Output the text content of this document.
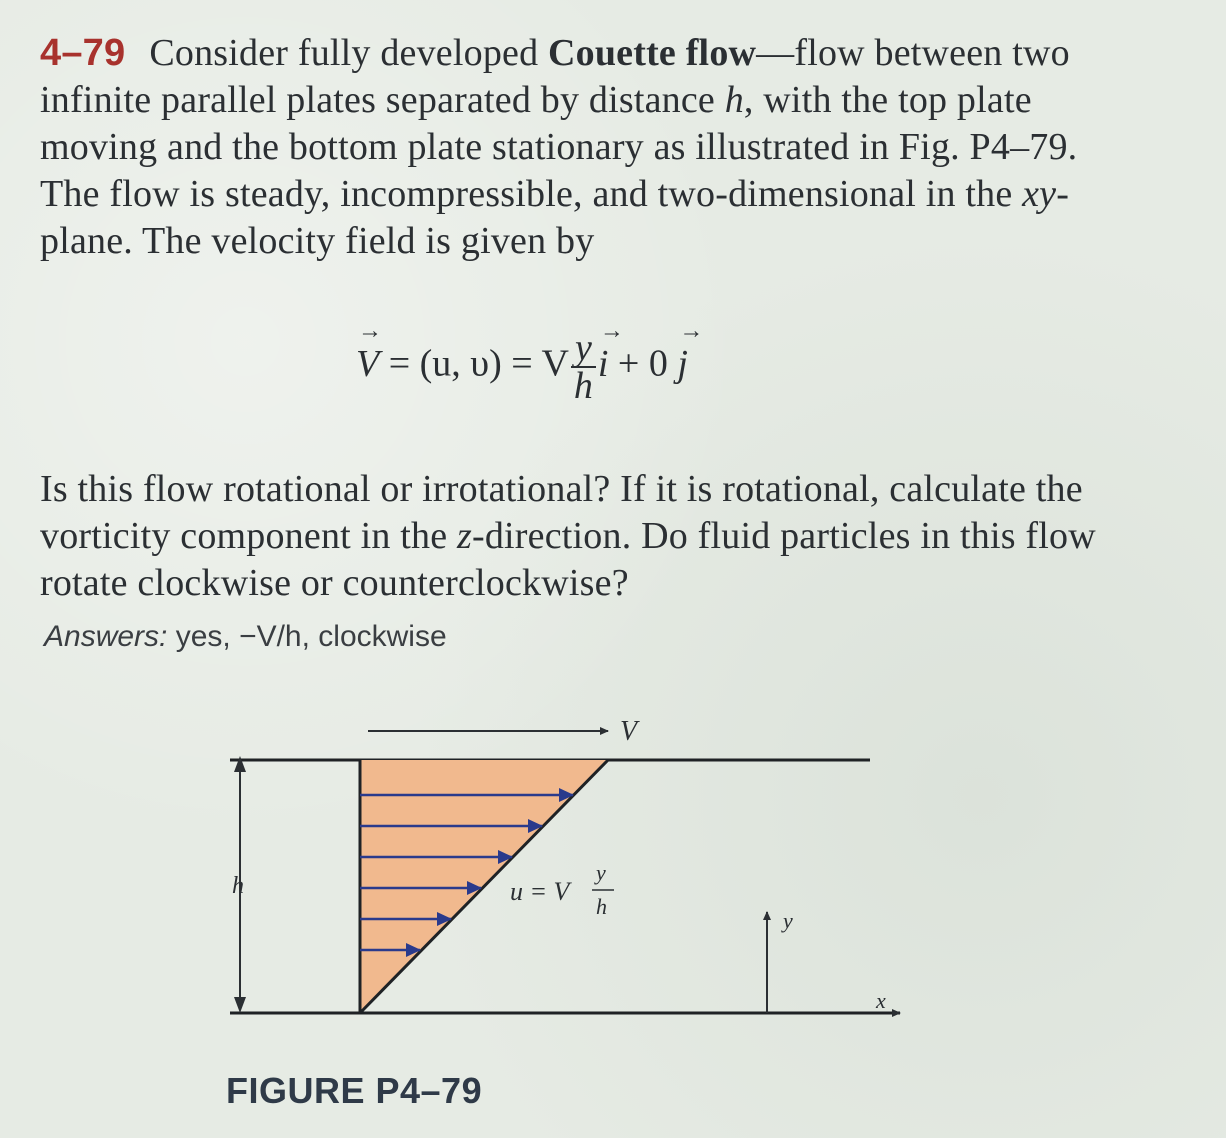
4–79 Consider fully developed Couette flow—flow between two infinite parallel plates separated by distance h, with the top plate moving and the bottom plate stationary as illustrated in Fig. P4–79. The flow is steady, incompressible, and two-dimensional in the xy-plane. The velocity field is given by
→ V = (u, υ) = V $\frac{y}{h}$
→ i + 0 → j
Is this flow rotational or irrotational? If it is rotational, calculate the vorticity component in the z-direction. Do fluid particles in this flow rotate clockwise or counterclockwise?
Answers: yes, −V/h, clockwise
V
h	u = V
y
h
y
x
FIGURE P4–79
